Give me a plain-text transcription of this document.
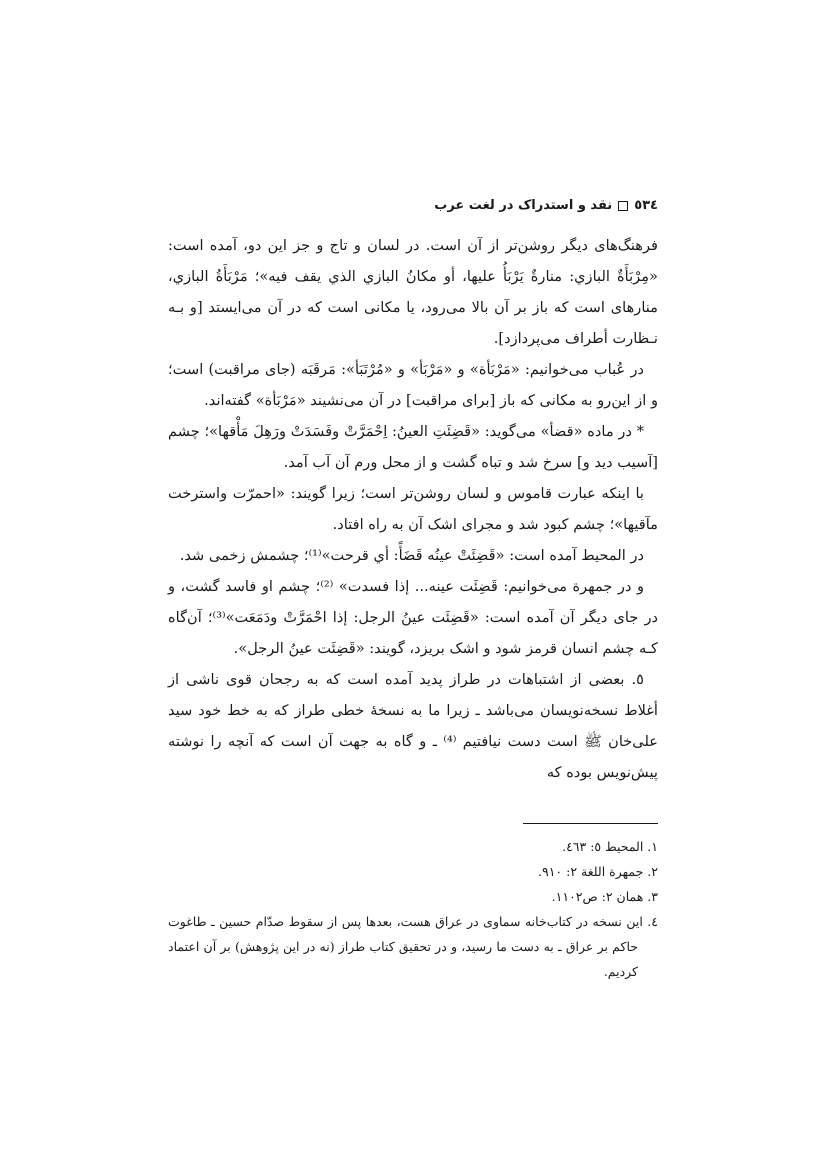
٥٣٤
نقد و استدراک در لغت عرب

فرهنگ‌های دیگر روشن‌تر از آن است. در لسان و تاج و جز این دو، آمده است: «مِرْبَأَةٌ البازي: منارةٌ يَرْبَأُ عليها، أو مكانُ البازي الذي يقف فيه»؛ مَرْبَأَةُ البازي، منارهای است که باز بر آن بالا می‌رود، یا مکانی است که در آن می‌ایستد [و بـه نـظارت أطراف می‌پردازد].

در عُباب می‌خوانیم: «مَرْبَأة» و «مَرْبَأ» و «مُرْتَبَأ»: مَرقَبَه (جای مراقبت) است؛ و از این‌رو به مکانی که باز [برای مراقبت] در آن می‌نشیند «مَرْبَأة» گفته‌اند.

* در ماده «قضأ» می‌گوید: «قَضِئَتِ العينُ: اِحْمَرَّتْ وفَسَدَتْ ورَهِلَ مَأْقها»؛ چشم [آسیب دید و] سرخ شد و تباه گشت و از محل ورم آن آب آمد.

با اینکه عبارت قاموس و لسان روشن‌تر است؛ زیرا گویند: «احمرّت واسترخت مآقيها»؛ چشم کبود شد و مجرای اشک آن به راه افتاد.

در المحیط آمده است: «قَضِئَتْ عينُه قَضَأً: أي قرحت»⁽¹⁾؛ چشمش زخمی شد.

و در جمهرة می‌خوانیم: قَضِئَت عينه... إذا فسدت» ⁽²⁾؛ چشم او فاسد گشت، و در جای دیگر آن آمده است: «قَضِئَت عينُ الرجل: إذا احْمَرَّتْ ودَمَعَت»⁽³⁾؛ آن‌گاه کـه چشم انسان قرمز شود و اشک بریزد، گویند: «قَضِئَت عينُ الرجل».

٥. بعضی از اشتباهات در طراز پدید آمده است که به رجحان قوی ناشی از أغلاط نسخه‌نویسان می‌باشد ـ زیرا ما به نسخهٔ خطی طراز که به خط خود سید علی‌خان ﷺ است دست نیافتیم ⁽⁴⁾ ـ و گاه به جهت آن است که آنچه را نوشته پیش‌نویس بوده که

١. المحیط ٥: ٤٦٣.
٢. جمهرة اللغة ٢: ٩١٠.
٣. همان ٢: ص١١٠٢.
٤. این نسخه در کتاب‌خانه سماوی در عراق هست، بعدها پس از سقوط صدّام حسین ـ طاغوت حاکم بر عراق ـ به دست ما رسید، و در تحقیق کتاب طراز (نه در این پژوهش) بر آن اعتماد کردیم.
